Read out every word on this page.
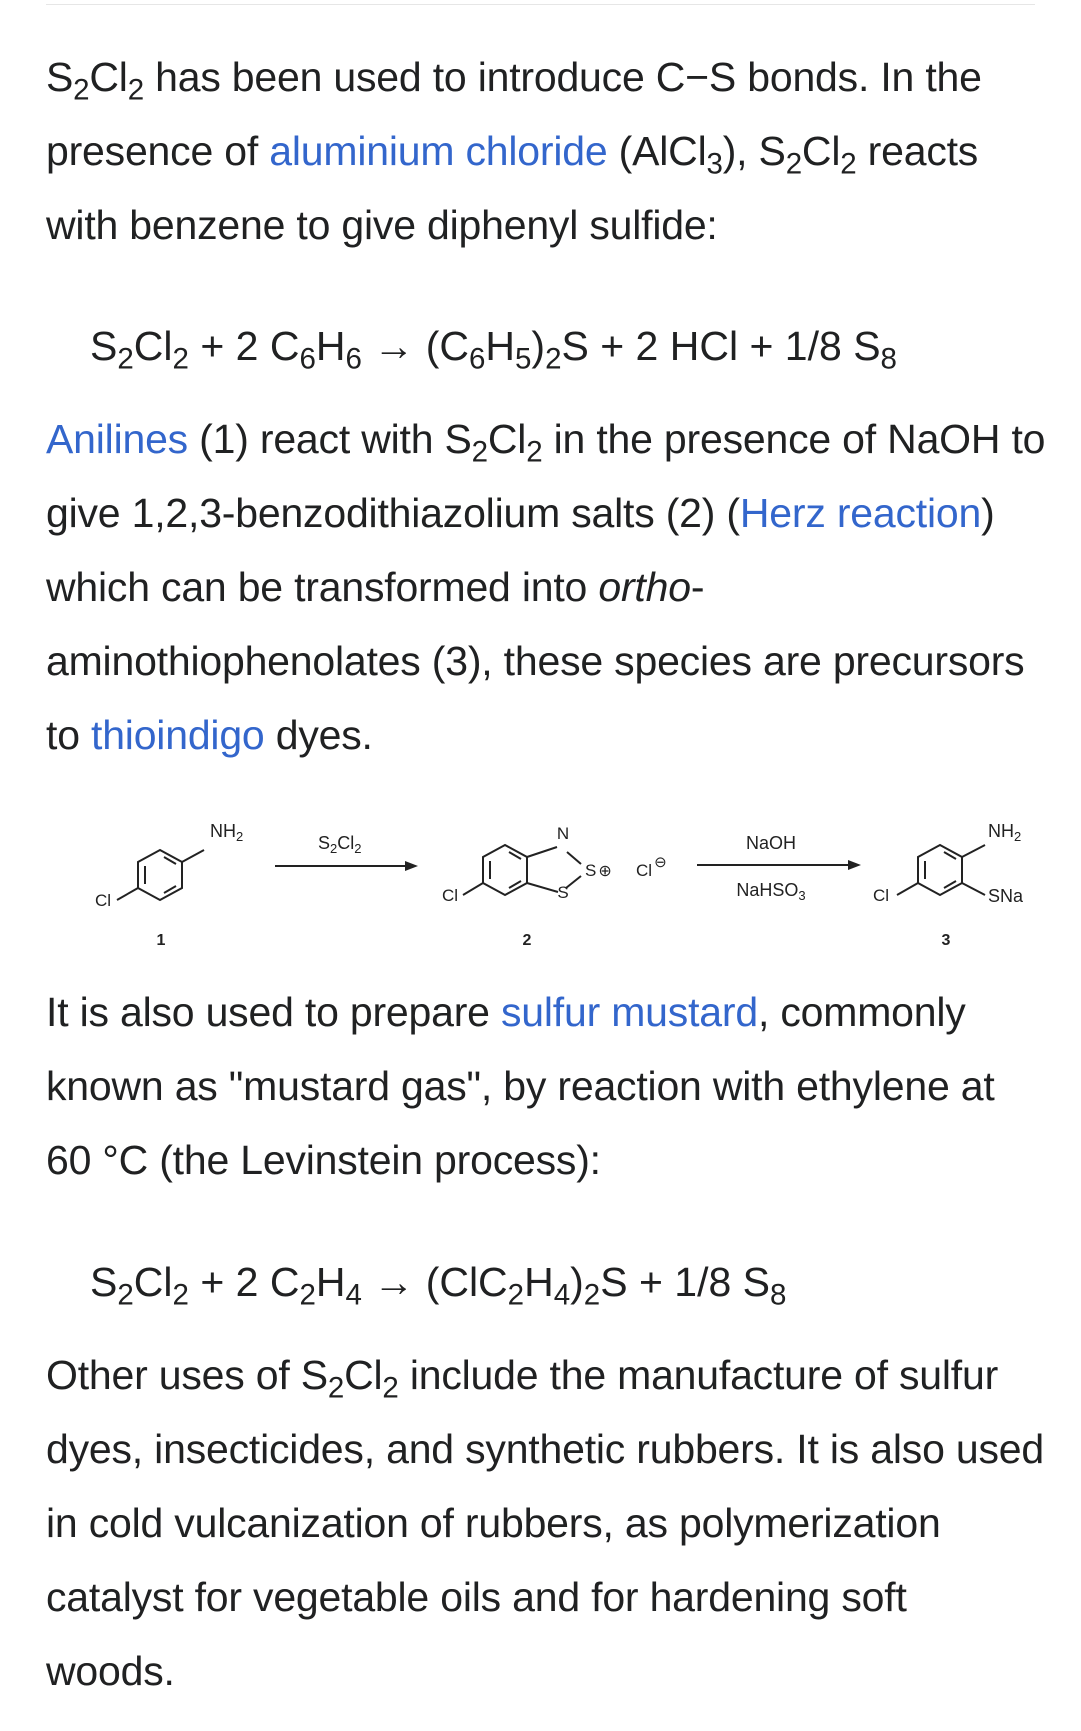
$S_2Cl_2$ has been used to introduce C−S bonds. In the presence of aluminium chloride (AlCl$_3$), $S_2Cl_2$ reacts with benzene to give diphenyl sulfide:

$S_2Cl_2 + 2$ $C_6H_6 \to (C_6H_5)_2S + 2$ HCl + 1/8 $S_8$

Anilines (1) react with $S_2Cl_2$ in the presence of NaOH to give 1,2,3-benzodithiazolium salts (2) (Herz reaction) which can be transformed into ortho-aminothiophenolates (3), these species are precursors to thioindigo dyes.

Cl
$NH_2$
1
$S_2Cl_2$
Cl
N
S ⊕
S
Cl ⊖
2
NaOH
NaHSO$_3$	Cl
$NH_2$
SNa
3

It is also used to prepare sulfur mustard, commonly known as "mustard gas", by reaction with ethylene at 60 °C (the Levinstein process):

$S_2Cl_2 + 2$ $C_2H_4 \to (ClC_2H_4)_2S + 1/8$ $S_8$

Other uses of $S_2Cl_2$ include the manufacture of sulfur dyes, insecticides, and synthetic rubbers. It is also used in cold vulcanization of rubbers, as polymerization catalyst for vegetable oils and for hardening soft woods.
